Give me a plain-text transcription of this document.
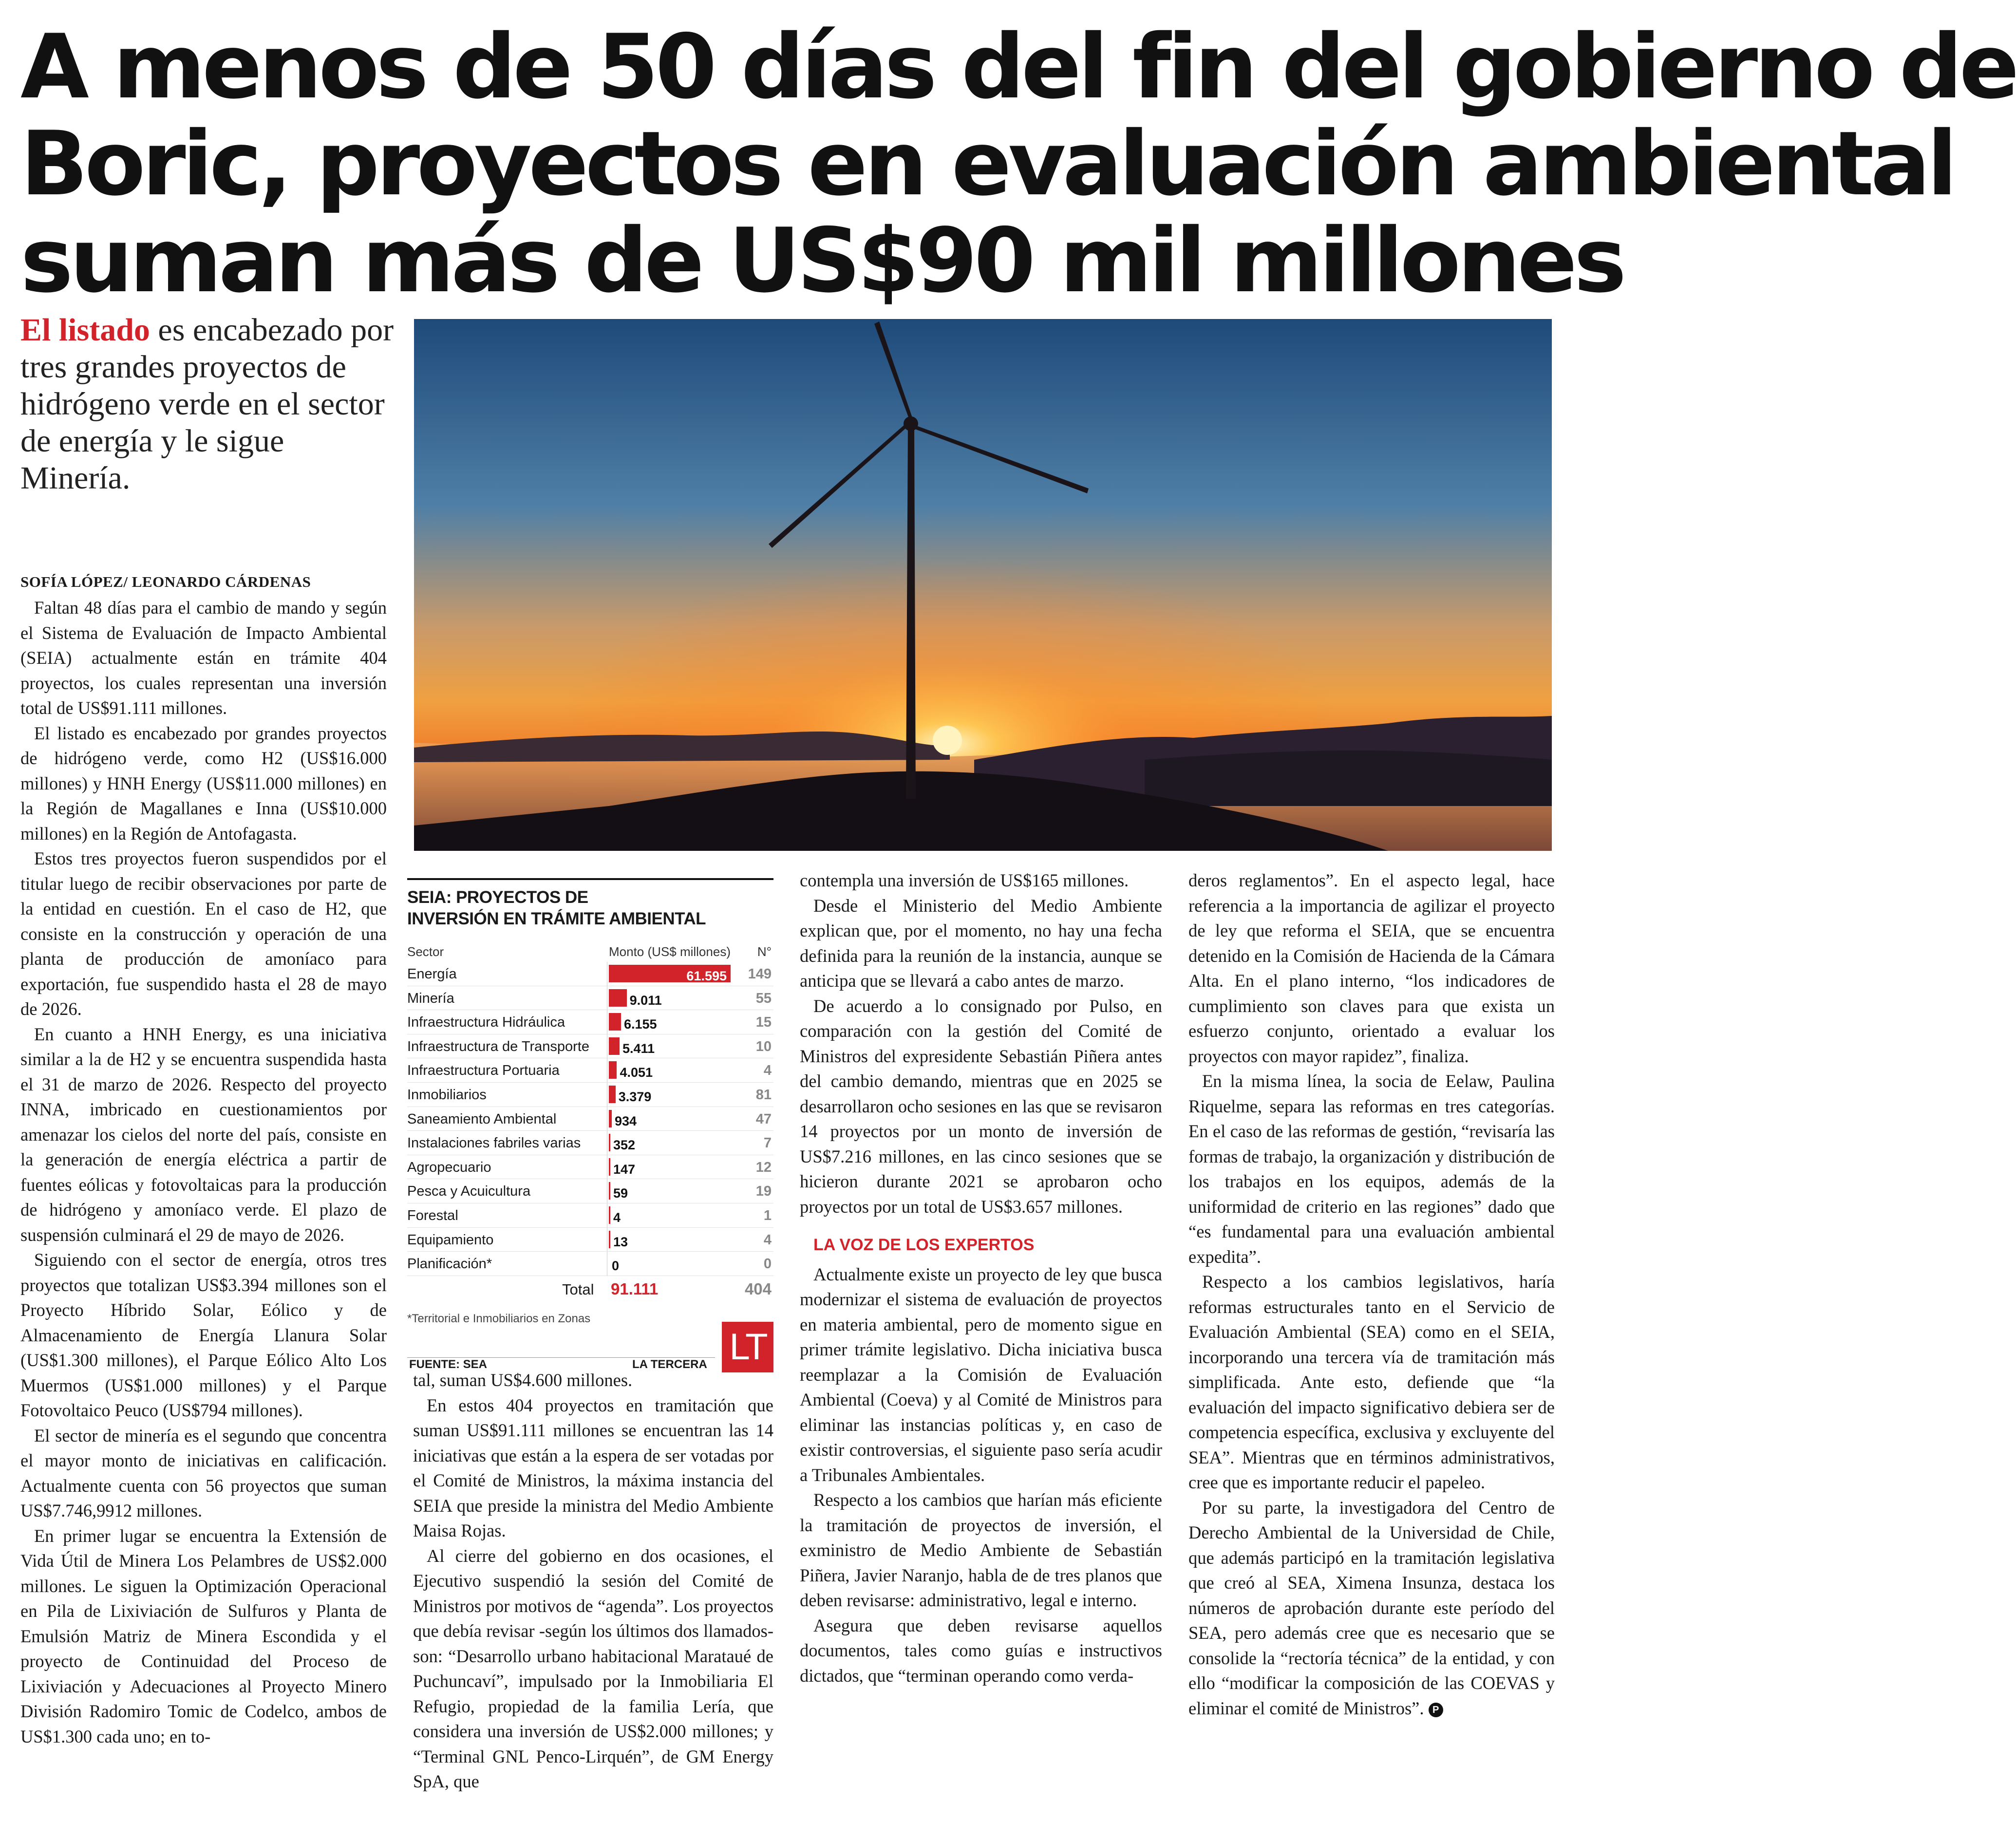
A menos de 50 días del fin del gobierno de
Boric, proyectos en evaluación ambiental
suman más de US$90 mil millones
El listado es encabezado por tres grandes proyectos de hidrógeno verde en el sector de energía y le sigue Minería.
SOFÍA LÓPEZ/ LEONARDO CÁRDENAS

Faltan 48 días para el cambio de mando y según el Sistema de Evaluación de Impacto Ambiental (SEIA) actualmente están en trámite 404 proyectos, los cuales representan una inversión total de US$91.111 millones.

El listado es encabezado por grandes proyectos de hidrógeno verde, como H2 (US$16.000 millones) y HNH Energy (US$11.000 millones) en la Región de Magallanes e Inna (US$10.000 millones) en la Región de Antofagasta.

Estos tres proyectos fueron suspendidos por el titular luego de recibir observaciones por parte de la entidad en cuestión. En el caso de H2, que consiste en la construcción y operación de una planta de producción de amoníaco para exportación, fue suspendido hasta el 28 de mayo de 2026.

En cuanto a HNH Energy, es una iniciativa similar a la de H2 y se encuentra suspendida hasta el 31 de marzo de 2026. Respecto del proyecto INNA, imbricado en cuestionamientos por amenazar los cielos del norte del país, consiste en la generación de energía eléctrica a partir de fuentes eólicas y fotovoltaicas para la producción de hidrógeno y amoníaco verde. El plazo de suspensión culminará el 29 de mayo de 2026.

Siguiendo con el sector de energía, otros tres proyectos que totalizan US$3.394 millones son el Proyecto Híbrido Solar, Eólico y de Almacenamiento de Energía Llanura Solar (US$1.300 millones), el Parque Eólico Alto Los Muermos (US$1.000 millones) y el Parque Fotovoltaico Peuco (US$794 millones).

El sector de minería es el segundo que concentra el mayor monto de iniciativas en calificación. Actualmente cuenta con 56 proyectos que suman US$7.746,9912 millones.

En primer lugar se encuentra la Extensión de Vida Útil de Minera Los Pelambres de US$2.000 millones. Le siguen la Optimización Operacional en Pila de Lixiviación de Sulfuros y Planta de Emulsión Matriz de Minera Escondida y el proyecto de Continuidad del Proceso de Lixiviación y Adecuaciones al Proyecto Minero División Radomiro Tomic de Codelco, ambos de US$1.300 cada uno; en to-

SEIA: PROYECTOS DE
INVERSIÓN EN TRÁMITE AMBIENTAL
Sector	Monto (US$ millones) N°
Energía	61.595 149
Minería	9.011	55
Infraestructura Hidráulica	6.155	15
Infraestructura de Transporte	5.411	10
Infraestructura Portuaria	4.051	4
Inmobiliarios	3.379	81
Saneamiento Ambiental	934	47
Instalaciones fabriles varias 352	7
Agropecuario	147	12
Pesca y Acuicultura	59	19
Forestal	4	1
Equipamiento	13	4
Planificación*	0	0
Total 91.111	404
*Territorial e Inmobiliarios en Zonas
FUENTE: SEA	LA TERCERA LT

tal, suman US$4.600 millones.

En estos 404 proyectos en tramitación que suman US$91.111 millones se encuentran las 14 iniciativas que están a la espera de ser votadas por el Comité de Ministros, la máxima instancia del SEIA que preside la ministra del Medio Ambiente Maisa Rojas.

Al cierre del gobierno en dos ocasiones, el Ejecutivo suspendió la sesión del Comité de Ministros por motivos de “agenda”. Los proyectos que debía revisar -según los últimos dos llamados- son: “Desarrollo urbano habitacional Marataué de Puchuncaví”, impulsado por la Inmobiliaria El Refugio, propiedad de la familia Lería, que considera una inversión de US$2.000 millones; y “Terminal GNL Penco-Lirquén”, de GM Energy SpA, que

contempla una inversión de US$165 millones.

Desde el Ministerio del Medio Ambiente explican que, por el momento, no hay una fecha definida para la reunión de la instancia, aunque se anticipa que se llevará a cabo antes de marzo.

De acuerdo a lo consignado por Pulso, en comparación con la gestión del Comité de Ministros del expresidente Sebastián Piñera antes del cambio demando, mientras que en 2025 se desarrollaron ocho sesiones en las que se revisaron 14 proyectos por un monto de inversión de US$7.216 millones, en las cinco sesiones que se hicieron durante 2021 se aprobaron ocho proyectos por un total de US$3.657 millones.

LA VOZ DE LOS EXPERTOS

Actualmente existe un proyecto de ley que busca modernizar el sistema de evaluación de proyectos en materia ambiental, pero de momento sigue en primer trámite legislativo. Dicha iniciativa busca reemplazar a la Comisión de Evaluación Ambiental (Coeva) y al Comité de Ministros para eliminar las instancias políticas y, en caso de existir controversias, el siguiente paso sería acudir a Tribunales Ambientales.

Respecto a los cambios que harían más eficiente la tramitación de proyectos de inversión, el exministro de Medio Ambiente de Sebastián Piñera, Javier Naranjo, habla de de tres planos que deben revisarse: administrativo, legal e interno.

Asegura que deben revisarse aquellos documentos, tales como guías e instructivos dictados, que “terminan operando como verda-

deros reglamentos”. En el aspecto legal, hace referencia a la importancia de agilizar el proyecto de ley que reforma el SEIA, que se encuentra detenido en la Comisión de Hacienda de la Cámara Alta. En el plano interno, “los indicadores de cumplimiento son claves para que exista un esfuerzo conjunto, orientado a evaluar los proyectos con mayor rapidez”, finaliza.

En la misma línea, la socia de Eelaw, Paulina Riquelme, separa las reformas en tres categorías. En el caso de las reformas de gestión, “revisaría las formas de trabajo, la organización y distribución de los trabajos en los equipos, además de la uniformidad de criterio en las regiones” dado que “es fundamental para una evaluación ambiental expedita”.

Respecto a los cambios legislativos, haría reformas estructurales tanto en el Servicio de Evaluación Ambiental (SEA) como en el SEIA, incorporando una tercera vía de tramitación más simplificada. Ante esto, defiende que “la evaluación del impacto significativo debiera ser de competencia específica, exclusiva y excluyente del SEA”. Mientras que en términos administrativos, cree que es importante reducir el papeleo.

Por su parte, la investigadora del Centro de Derecho Ambiental de la Universidad de Chile, que además participó en la tramitación legislativa que creó al SEA, Ximena Insunza, destaca los números de aprobación durante este período del SEA, pero además cree que es necesario que se consolide la “rectoría técnica” de la entidad, y con ello “modificar la composición de las COEVAS y eliminar el comité de Ministros”. P
